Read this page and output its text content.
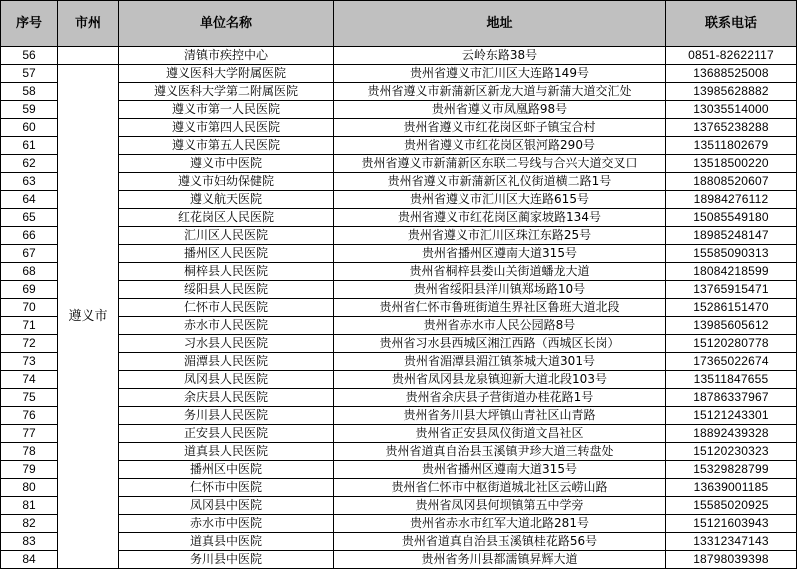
序号	市州	单位名称	地址	联系电话
56		清镇市疾控中心	云岭东路38号	0851-82622117
57	遵义市	遵义医科大学附属医院	贵州省遵义市汇川区大连路149号	13688525008
58		遵义医科大学第二附属医院	贵州省遵义市新蒲新区新龙大道与新蒲大道交汇处	13985628882
59		遵义市第一人民医院	贵州省遵义市凤凰路98号	13035514000
60		遵义市第四人民医院	贵州省遵义市红花岗区虾子镇宝合村	13765238288
61		遵义市第五人民医院	贵州省遵义市红花岗区银河路290号	13511802679
62		遵义市中医院	贵州省遵义市新蒲新区东联二号线与合兴大道交叉口	13518500220
63		遵义市妇幼保健院	贵州省遵义市新蒲新区礼仪街道横二路1号	18808520607
64		遵义航天医院	贵州省遵义市汇川区大连路615号	18984276112
65		红花岗区人民医院	贵州省遵义市红花岗区蔺家坡路134号	15085549180
66		汇川区人民医院	贵州省遵义市汇川区珠江东路25号	18985248147
67		播州区人民医院	贵州省播州区遵南大道315号	15585090313
68		桐梓县人民医院	贵州省桐梓县娄山关街道蟠龙大道	18084218599
69		绥阳县人民医院	贵州省绥阳县洋川镇郑场路10号	13765915471
70		仁怀市人民医院	贵州省仁怀市鲁班街道生界社区鲁班大道北段	15286151470
71		赤水市人民医院	贵州省赤水市人民公园路8号	13985605612
72		习水县人民医院	贵州省习水县西城区湘江西路（西城区长岗）	15120280778
73		湄潭县人民医院	贵州省湄潭县湄江镇茶城大道301号	17365022674
74		凤冈县人民医院	贵州省凤冈县龙泉镇迎新大道北段103号	13511847655
75		余庆县人民医院	贵州省余庆县子营街道办桂花路1号	18786337967
76		务川县人民医院	贵州省务川县大坪镇山青社区山青路	15121243301
77		正安县人民医院	贵州省正安县凤仪街道文昌社区	18892439328
78		道真县人民医院	贵州省道真自治县玉溪镇尹珍大道三转盘处	15120230323
79		播州区中医院	贵州省播州区遵南大道315号	15329828799
80		仁怀市中医院	贵州省仁怀市中枢街道城北社区云崂山路	13639001185
81		凤冈县中医院	贵州省凤冈县何坝镇第五中学旁	15585020925
82		赤水市中医院	贵州省赤水市红军大道北路281号	15121603943
83		道真县中医院	贵州省道真自治县玉溪镇桂花路56号	13312347143
84		务川县中医院	贵州省务川县都濡镇昇辉大道	18798039398
